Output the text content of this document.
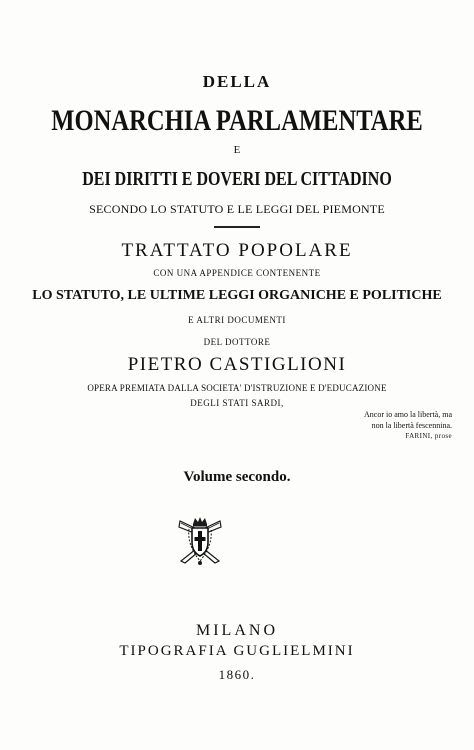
DELLA
MONARCHIA PARLAMENTARE
E
DEI DIRITTI E DOVERI DEL CITTADINO
SECONDO LO STATUTO E LE LEGGI DEL PIEMONTE
TRATTATO POPOLARE
CON UNA APPENDICE CONTENENTE
LO STATUTO, LE ULTIME LEGGI ORGANICHE E POLITICHE
E ALTRI DOCUMENTI
DEL DOTTORE
PIETRO CASTIGLIONI
OPERA PREMIATA DALLA SOCIETA' D'ISTRUZIONE E D'EDUCAZIONE
DEGLI STATI SARDI,
Ancor io amo la libertà, ma
non la libertà fescennina.
FARINI, prose
Volume secondo.
MILANO
TIPOGRAFIA GUGLIELMINI
1860.
